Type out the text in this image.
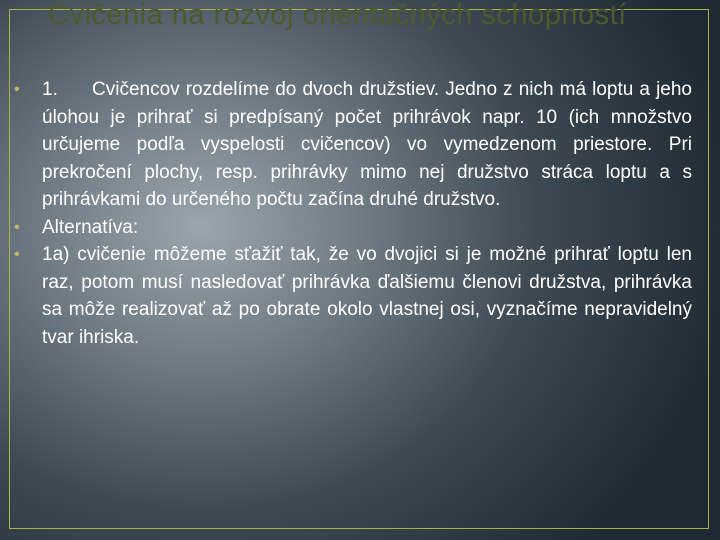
Cvičenia na rozvoj orientačných schopností
• 1. Cvičencov rozdelíme do dvoch družstiev. Jedno z nich má loptu a jeho úlohou je prihrať si predpísaný počet prihrávok napr. 10 (ich množstvo určujeme podľa vyspelosti cvičencov) vo vymedzenom priestore. Pri prekročení plochy, resp. prihrávky mimo nej družstvo stráca loptu a s prihrávkami do určeného počtu začína druhé družstvo.
• Alternatíva:
• 1a) cvičenie môžeme sťažiť tak, že vo dvojici si je možné prihrať loptu len raz, potom musí nasledovať prihrávka ďalšiemu členovi družstva, prihrávka sa môže realizovať až po obrate okolo vlastnej osi, vyznačíme nepravidelný tvar ihriska.
